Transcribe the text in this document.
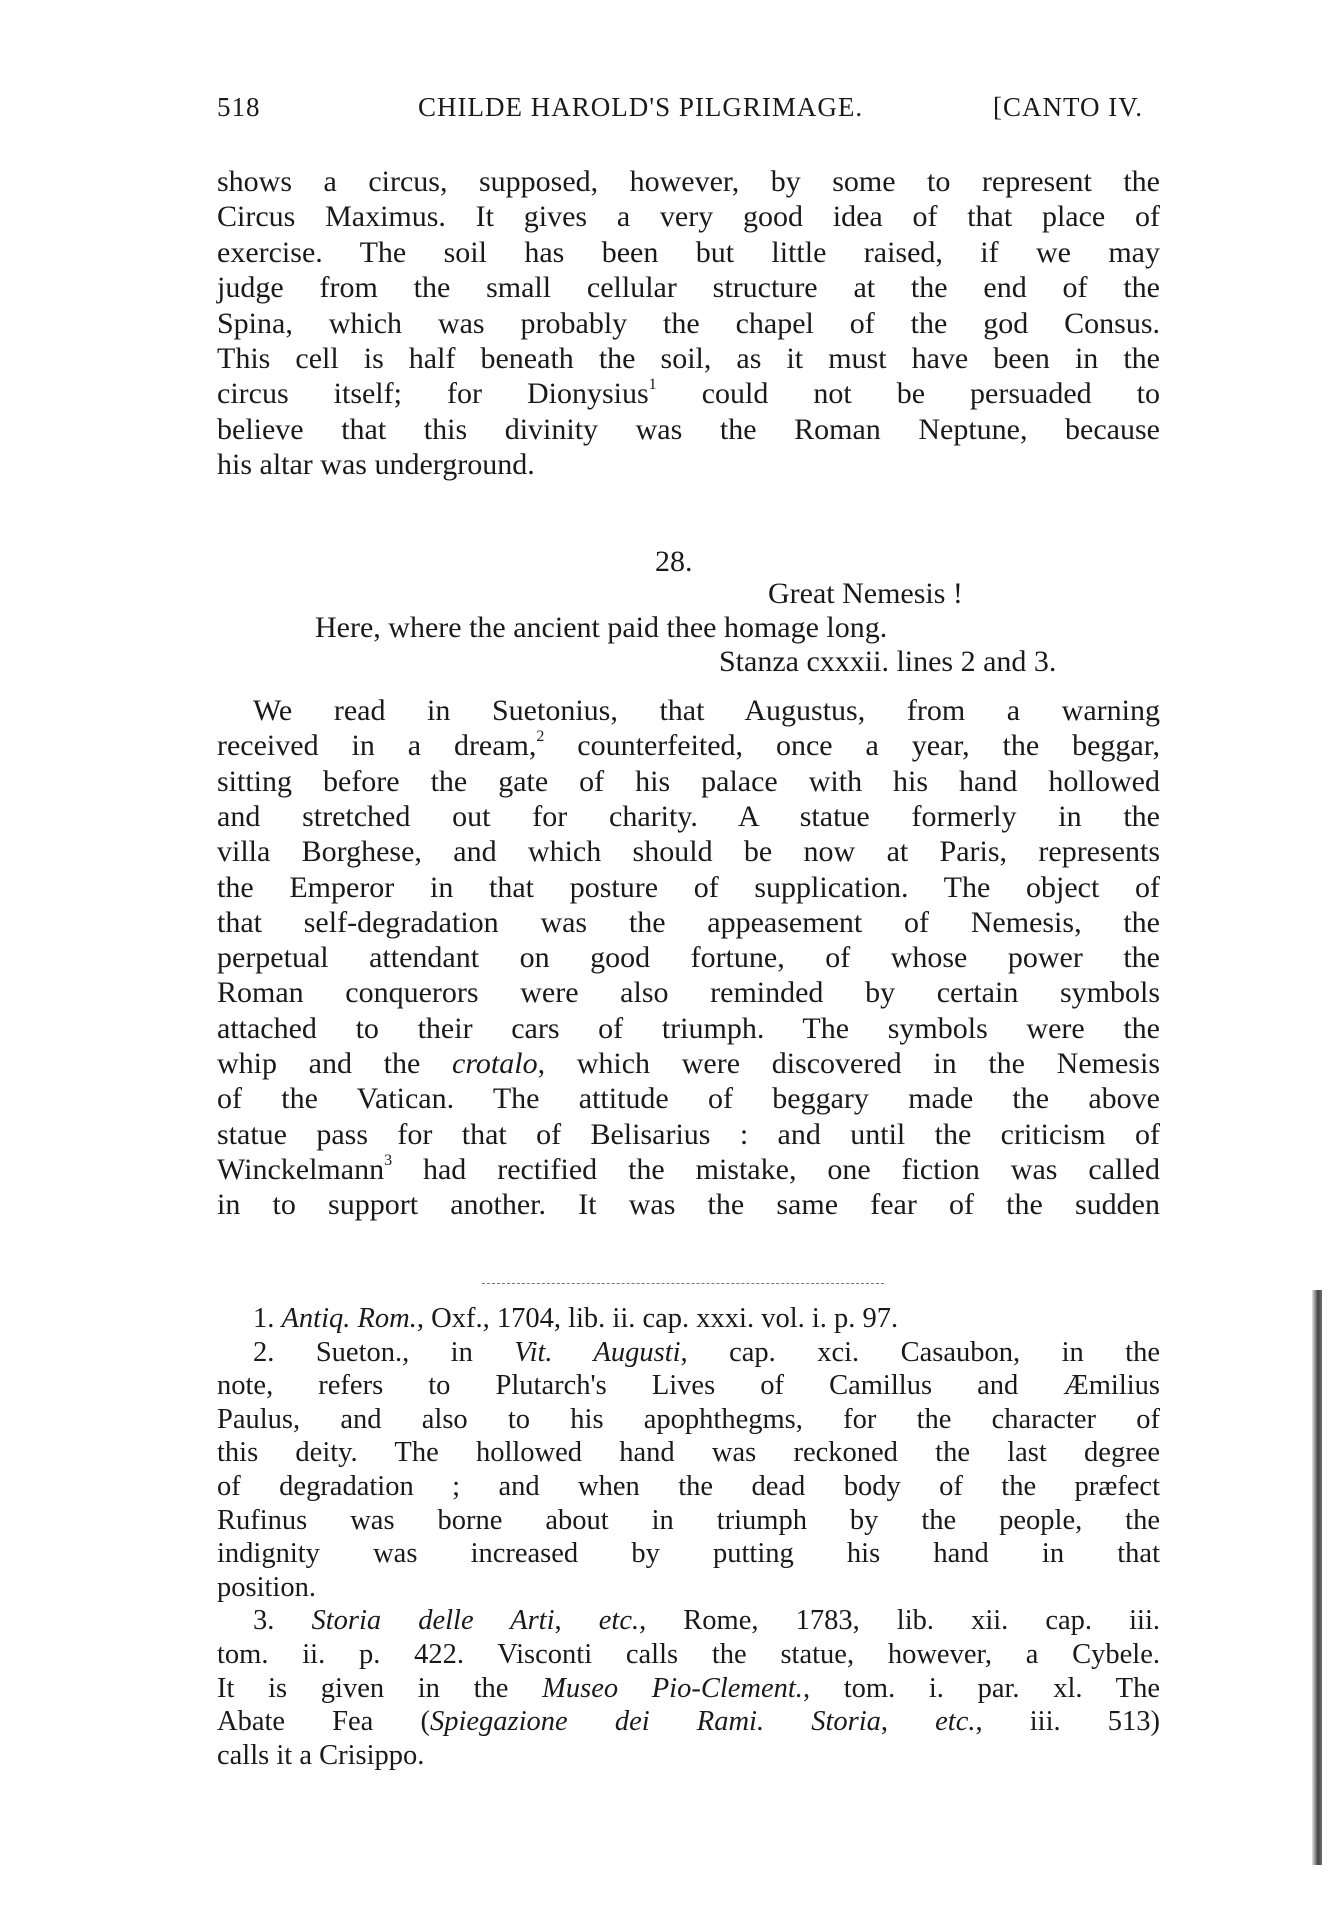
518	CHILDE HAROLD'S PILGRIMAGE.	[CANTO IV.
shows a circus, supposed, however, by some to represent the
Circus Maximus. It gives a very good idea of that place of
exercise. The soil has been but little raised, if we may
judge from the small cellular structure at the end of the
Spina, which was probably the chapel of the god Consus.
This cell is half beneath the soil, as it must have been in the
circus itself; for Dionysius$^1$ could not be persuaded to
believe that this divinity was the Roman Neptune, because
his altar was underground.
28.
Great Nemesis !
Here, where the ancient paid thee homage long.
Stanza cxxxii. lines 2 and 3.
We read in Suetonius, that Augustus, from a warning
received in a dream,$^2$ counterfeited, once a year, the beggar,
sitting before the gate of his palace with his hand hollowed
and stretched out for charity. A statue formerly in the
villa Borghese, and which should be now at Paris, represents
the Emperor in that posture of supplication. The object of
that self-degradation was the appeasement of Nemesis, the
perpetual attendant on good fortune, of whose power the
Roman conquerors were also reminded by certain symbols
attached to their cars of triumph. The symbols were the
whip and the crotalo, which were discovered in the Nemesis
of the Vatican. The attitude of beggary made the above
statue pass for that of Belisarius : and until the criticism of
Winckelmann$^3$ had rectified the mistake, one fiction was called
in to support another. It was the same fear of the sudden
1. Antiq. Rom., Oxf., 1704, lib. ii. cap. xxxi. vol. i. p. 97.
2. Sueton., in Vit. Augusti, cap. xci. Casaubon, in the
note, refers to Plutarch's Lives of Camillus and Æmilius
Paulus, and also to his apophthegms, for the character of
this deity. The hollowed hand was reckoned the last degree
of degradation ; and when the dead body of the præfect
Rufinus was borne about in triumph by the people, the
indignity was increased by putting his hand in that
position.
3. Storia delle Arti, etc., Rome, 1783, lib. xii. cap. iii.
tom. ii. p. 422. Visconti calls the statue, however, a Cybele.
It is given in the Museo Pio-Clement., tom. i. par. xl. The
Abate Fea (Spiegazione dei Rami. Storia, etc., iii. 513)
calls it a Crisippo.
